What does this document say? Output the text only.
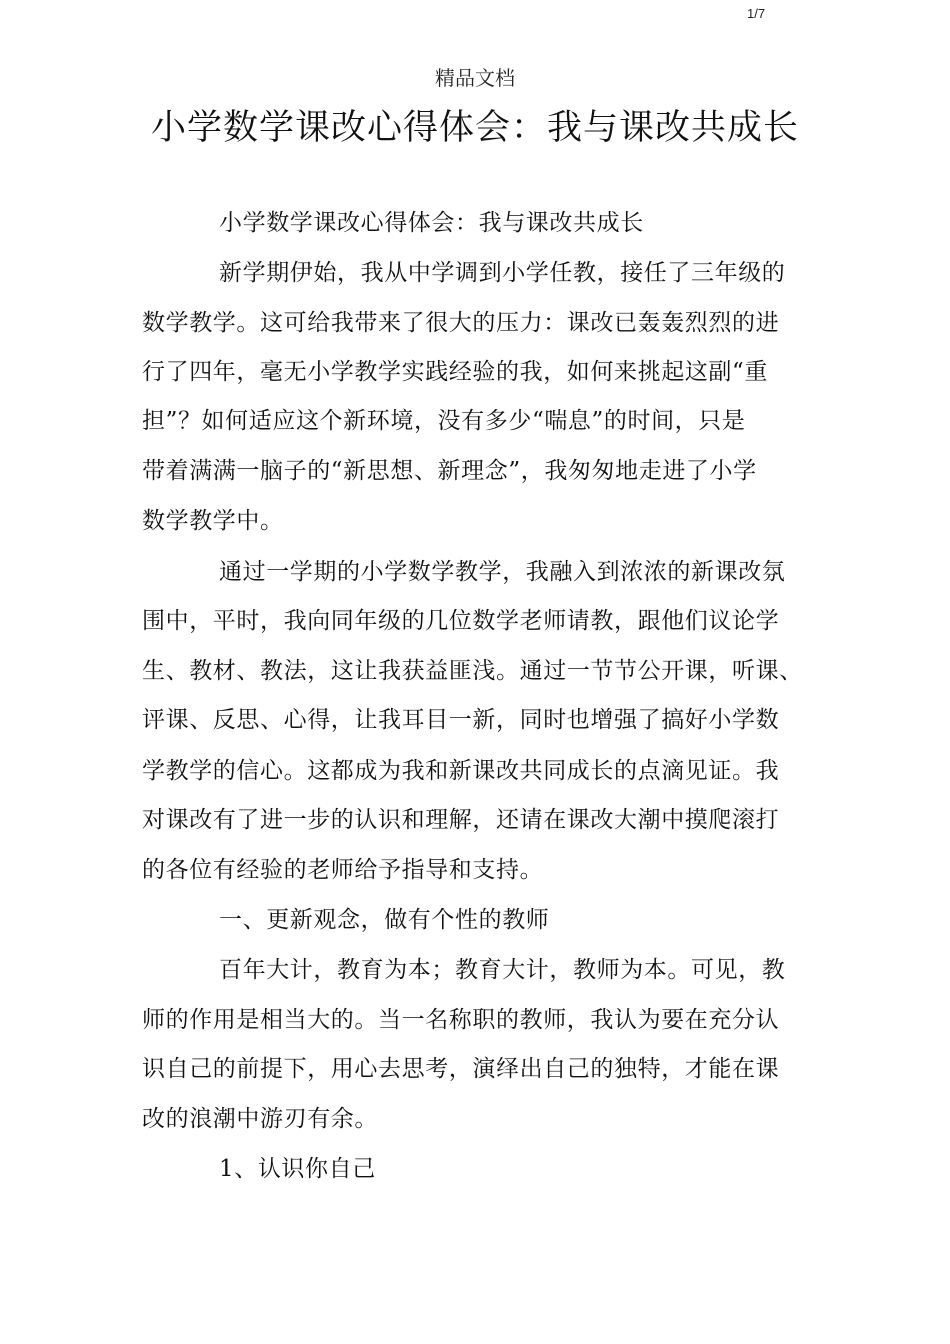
1/7
精品文档
小学数学课改心得体会：我与课改共成长
小学数学课改心得体会：我与课改共成长
新学期伊始，我从中学调到小学任教，接任了三年级的
数学教学。这可给我带来了很大的压力：课改已轰轰烈烈的进
行了四年，毫无小学教学实践经验的我，如何来挑起这副“重
担”？如何适应这个新环境，没有多少“喘息”的时间，只是
带着满满一脑子的“新思想、新理念”，我匆匆地走进了小学
数学教学中。
通过一学期的小学数学教学，我融入到浓浓的新课改氛
围中，平时，我向同年级的几位数学老师请教，跟他们议论学
生、教材、教法，这让我获益匪浅。通过一节节公开课，听课、
评课、反思、心得，让我耳目一新，同时也增强了搞好小学数
学教学的信心。这都成为我和新课改共同成长的点滴见证。我
对课改有了进一步的认识和理解，还请在课改大潮中摸爬滚打
的各位有经验的老师给予指导和支持。
一、更新观念，做有个性的教师
百年大计，教育为本；教育大计，教师为本。可见，教
师的作用是相当大的。当一名称职的教师，我认为要在充分认
识自己的前提下，用心去思考，演绎出自己的独特，才能在课
改的浪潮中游刃有余。
1、认识你自己
